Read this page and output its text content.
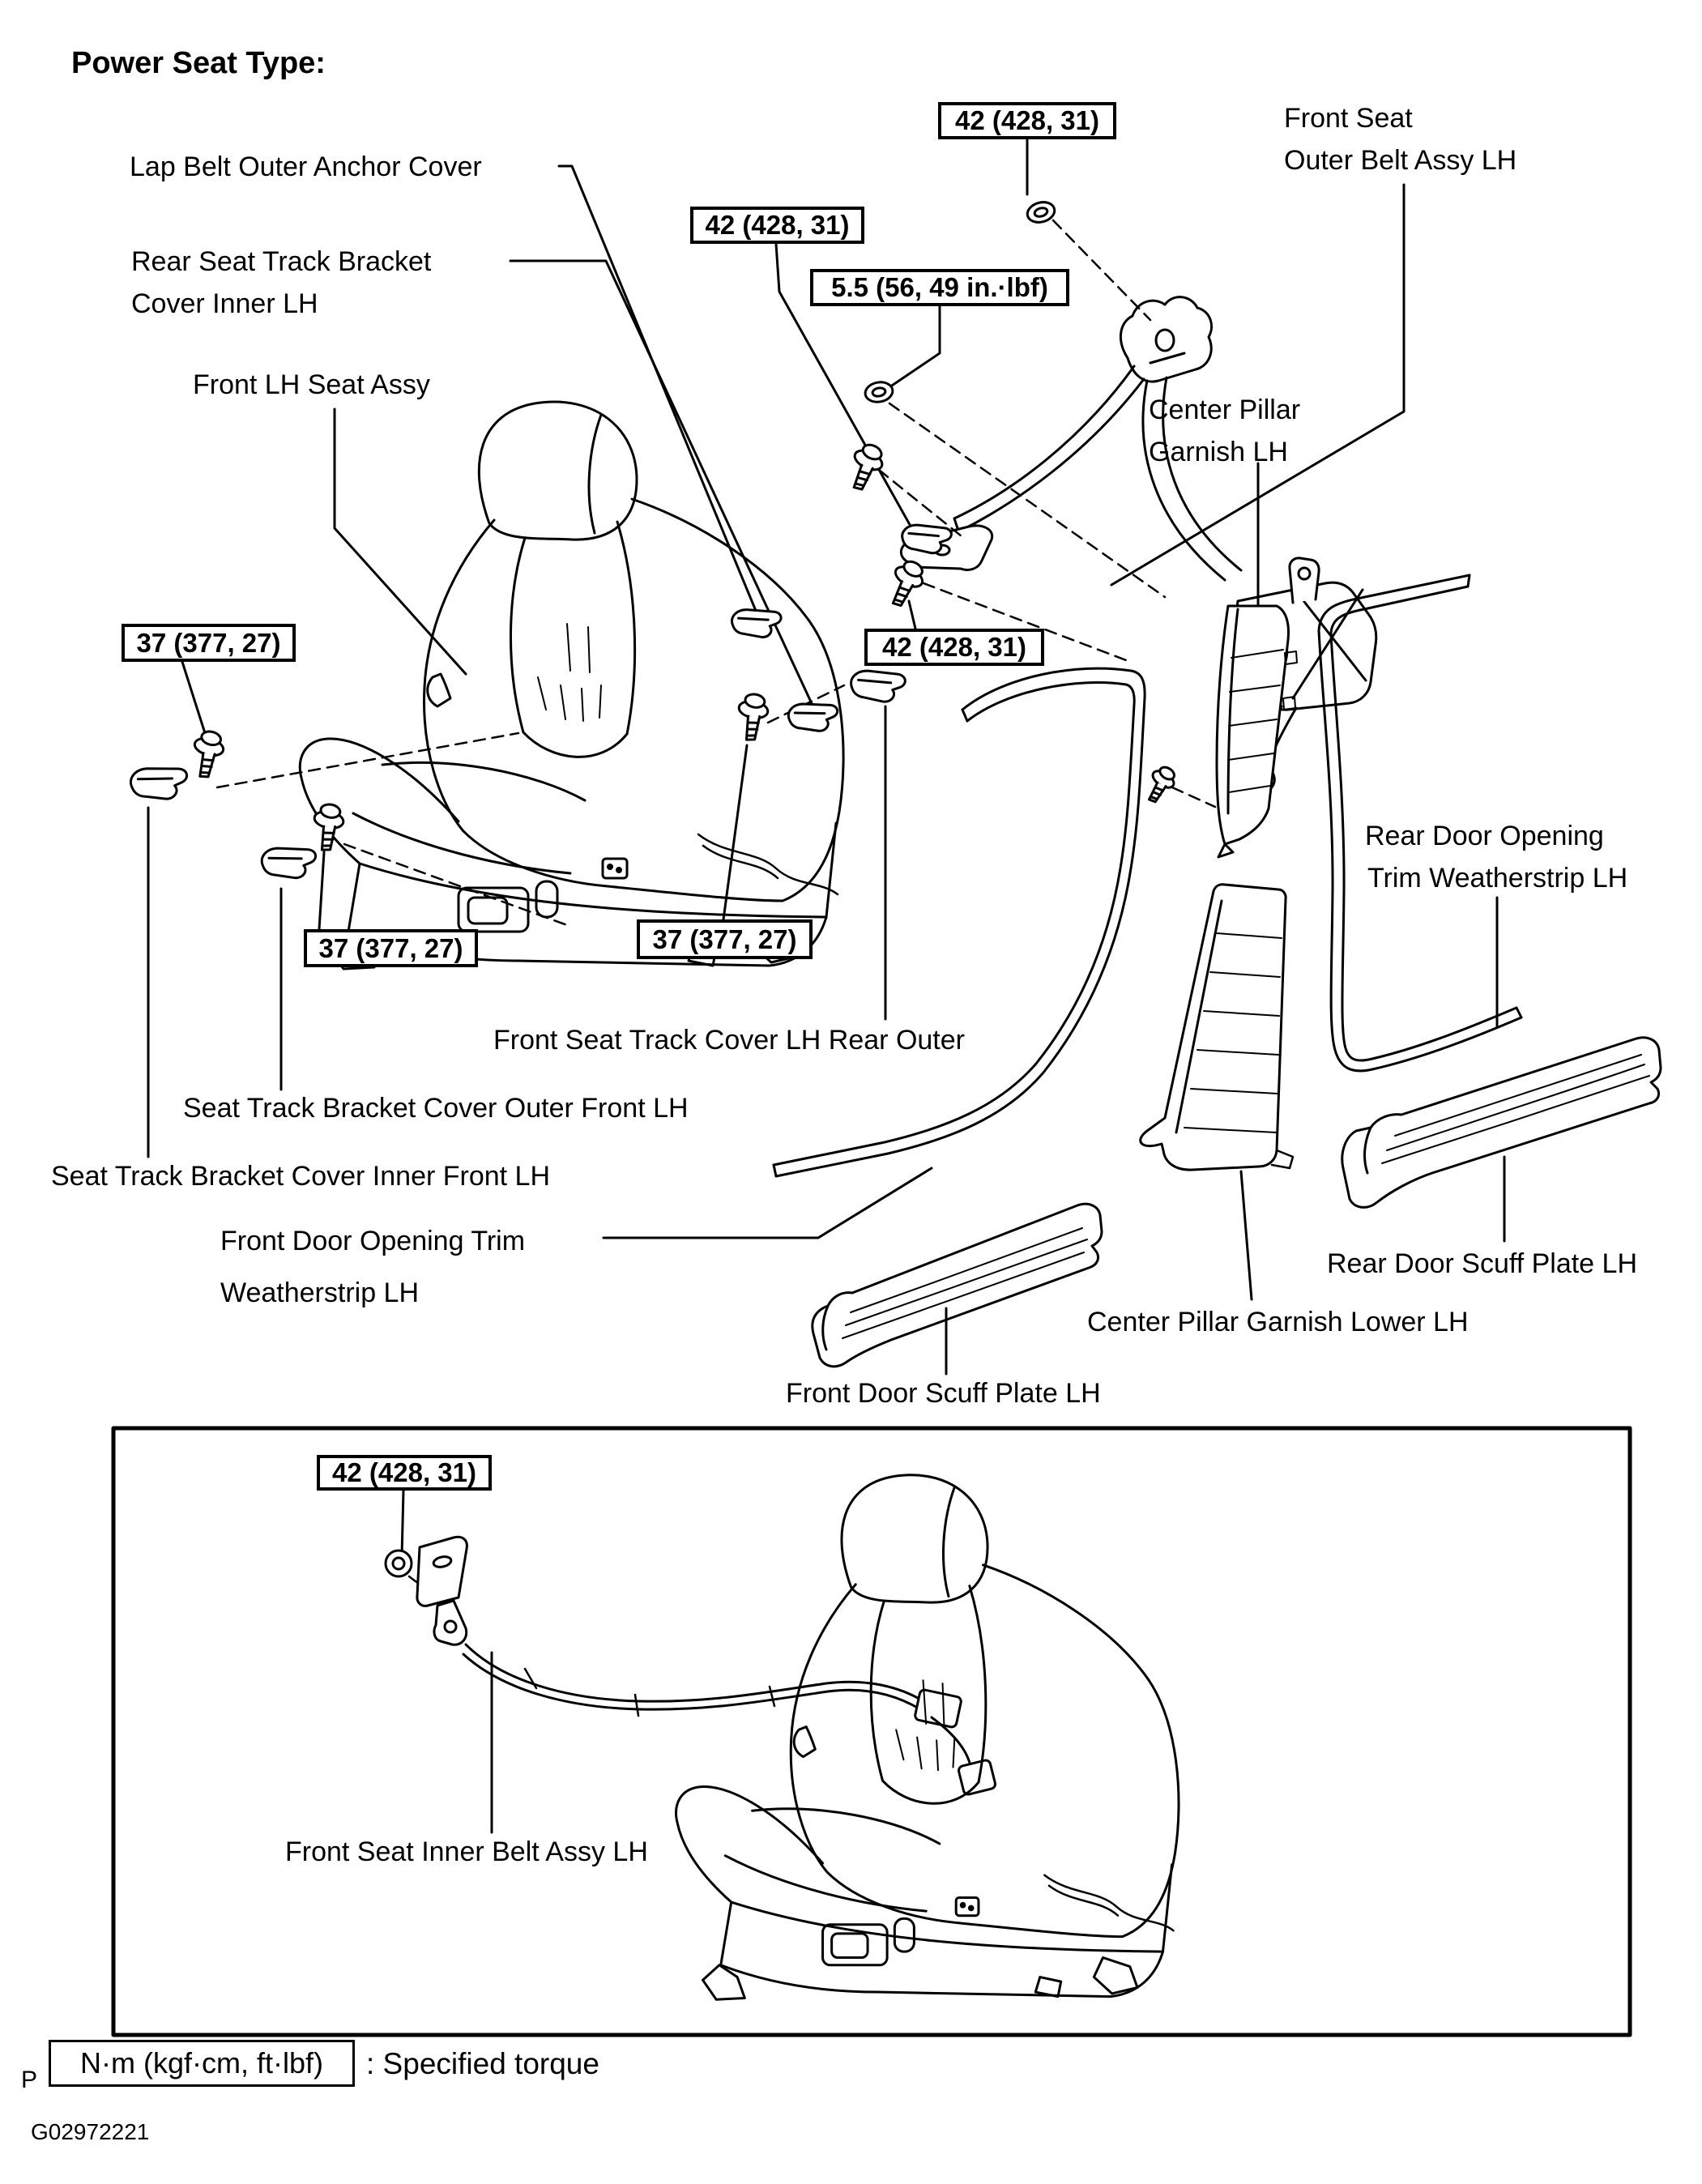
Power Seat Type:
Lap Belt Outer Anchor Cover
Rear Seat Track Bracket
Cover Inner LH
Front LH Seat Assy
Front Seat
Outer Belt Assy LH
Center Pillar
Garnish LH
Rear Door Opening
Trim Weatherstrip LH
Front Seat Track Cover LH Rear Outer
Seat Track Bracket Cover Outer Front LH
Seat Track Bracket Cover Inner Front LH
Front Door Opening Trim
Weatherstrip LH
Rear Door Scuff Plate LH
Center Pillar Garnish Lower LH
Front Door Scuff Plate LH
Front Seat Inner Belt Assy LH
42 (428, 31)
42 (428, 31)
5.5 (56, 49 in.·lbf)
42 (428, 31)
37 (377, 27)
37 (377, 27)	37 (377, 27)
42 (428, 31)
P
N·m (kgf·cm, ft·lbf)	: Specified torque
G02972221
